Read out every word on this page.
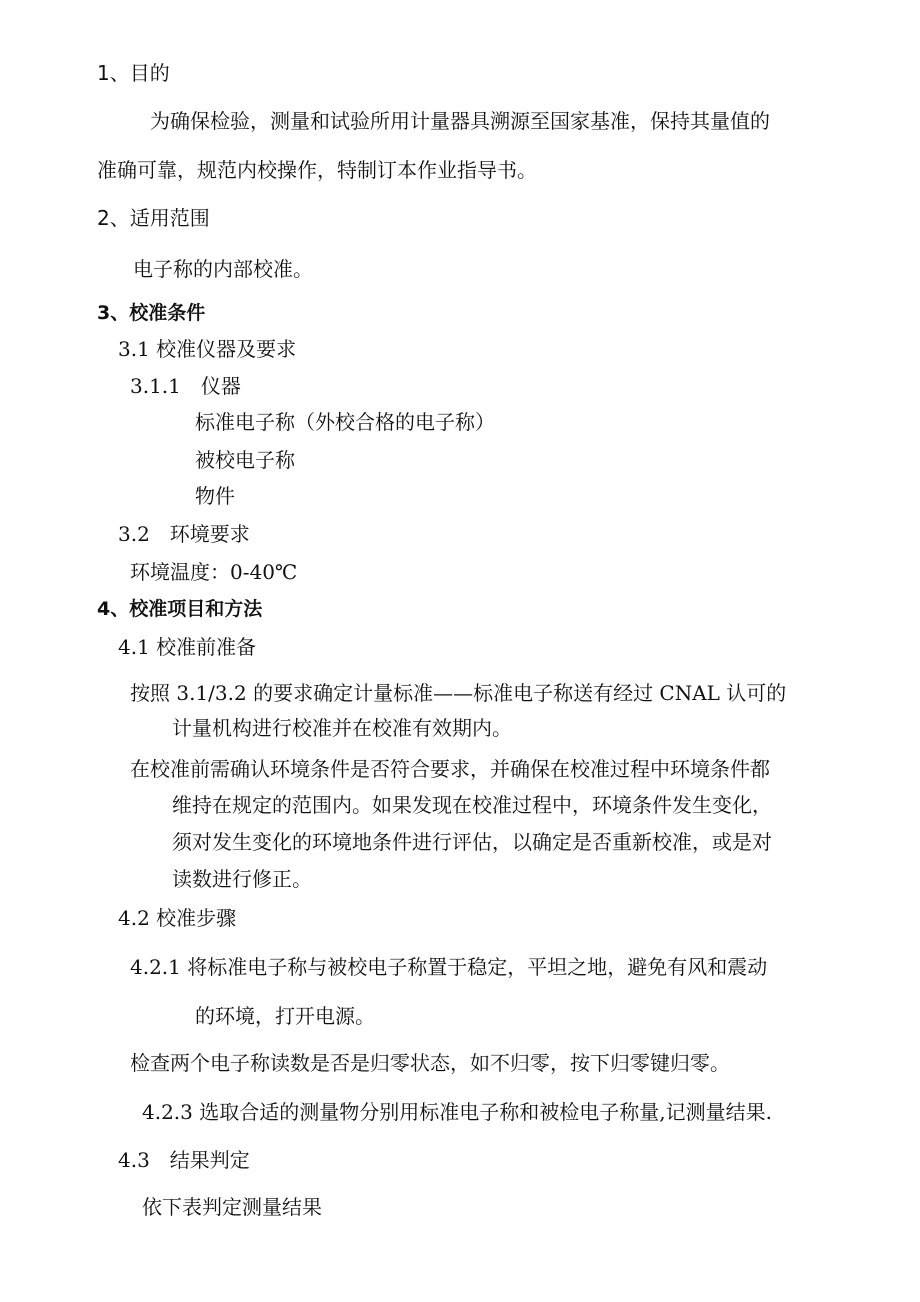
1、目的
为确保检验，测量和试验所用计量器具溯源至国家基准，保持其量值的
准确可靠，规范内校操作，特制订本作业指导书。
2、适用范围
电子称的内部校准。
3、校准条件
3.1 校准仪器及要求
3.1.1　仪器
标准电子称（外校合格的电子称）
被校电子称
物件
3.2　环境要求
环境温度：0-40℃
4、校准项目和方法
4.1 校准前准备
按照 3.1/3.2 的要求确定计量标准——标准电子称送有经过 CNAL 认可的
计量机构进行校准并在校准有效期内。
在校准前需确认环境条件是否符合要求，并确保在校准过程中环境条件都
维持在规定的范围内。如果发现在校准过程中，环境条件发生变化，
须对发生变化的环境地条件进行评估，以确定是否重新校准，或是对
读数进行修正。
4.2 校准步骤
4.2.1 将标准电子称与被校电子称置于稳定，平坦之地，避免有风和震动
的环境，打开电源。
检查两个电子称读数是否是归零状态，如不归零，按下归零键归零。
4.2.3 选取合适的测量物分别用标准电子称和被检电子称量,记测量结果.
4.3　结果判定
依下表判定测量结果
